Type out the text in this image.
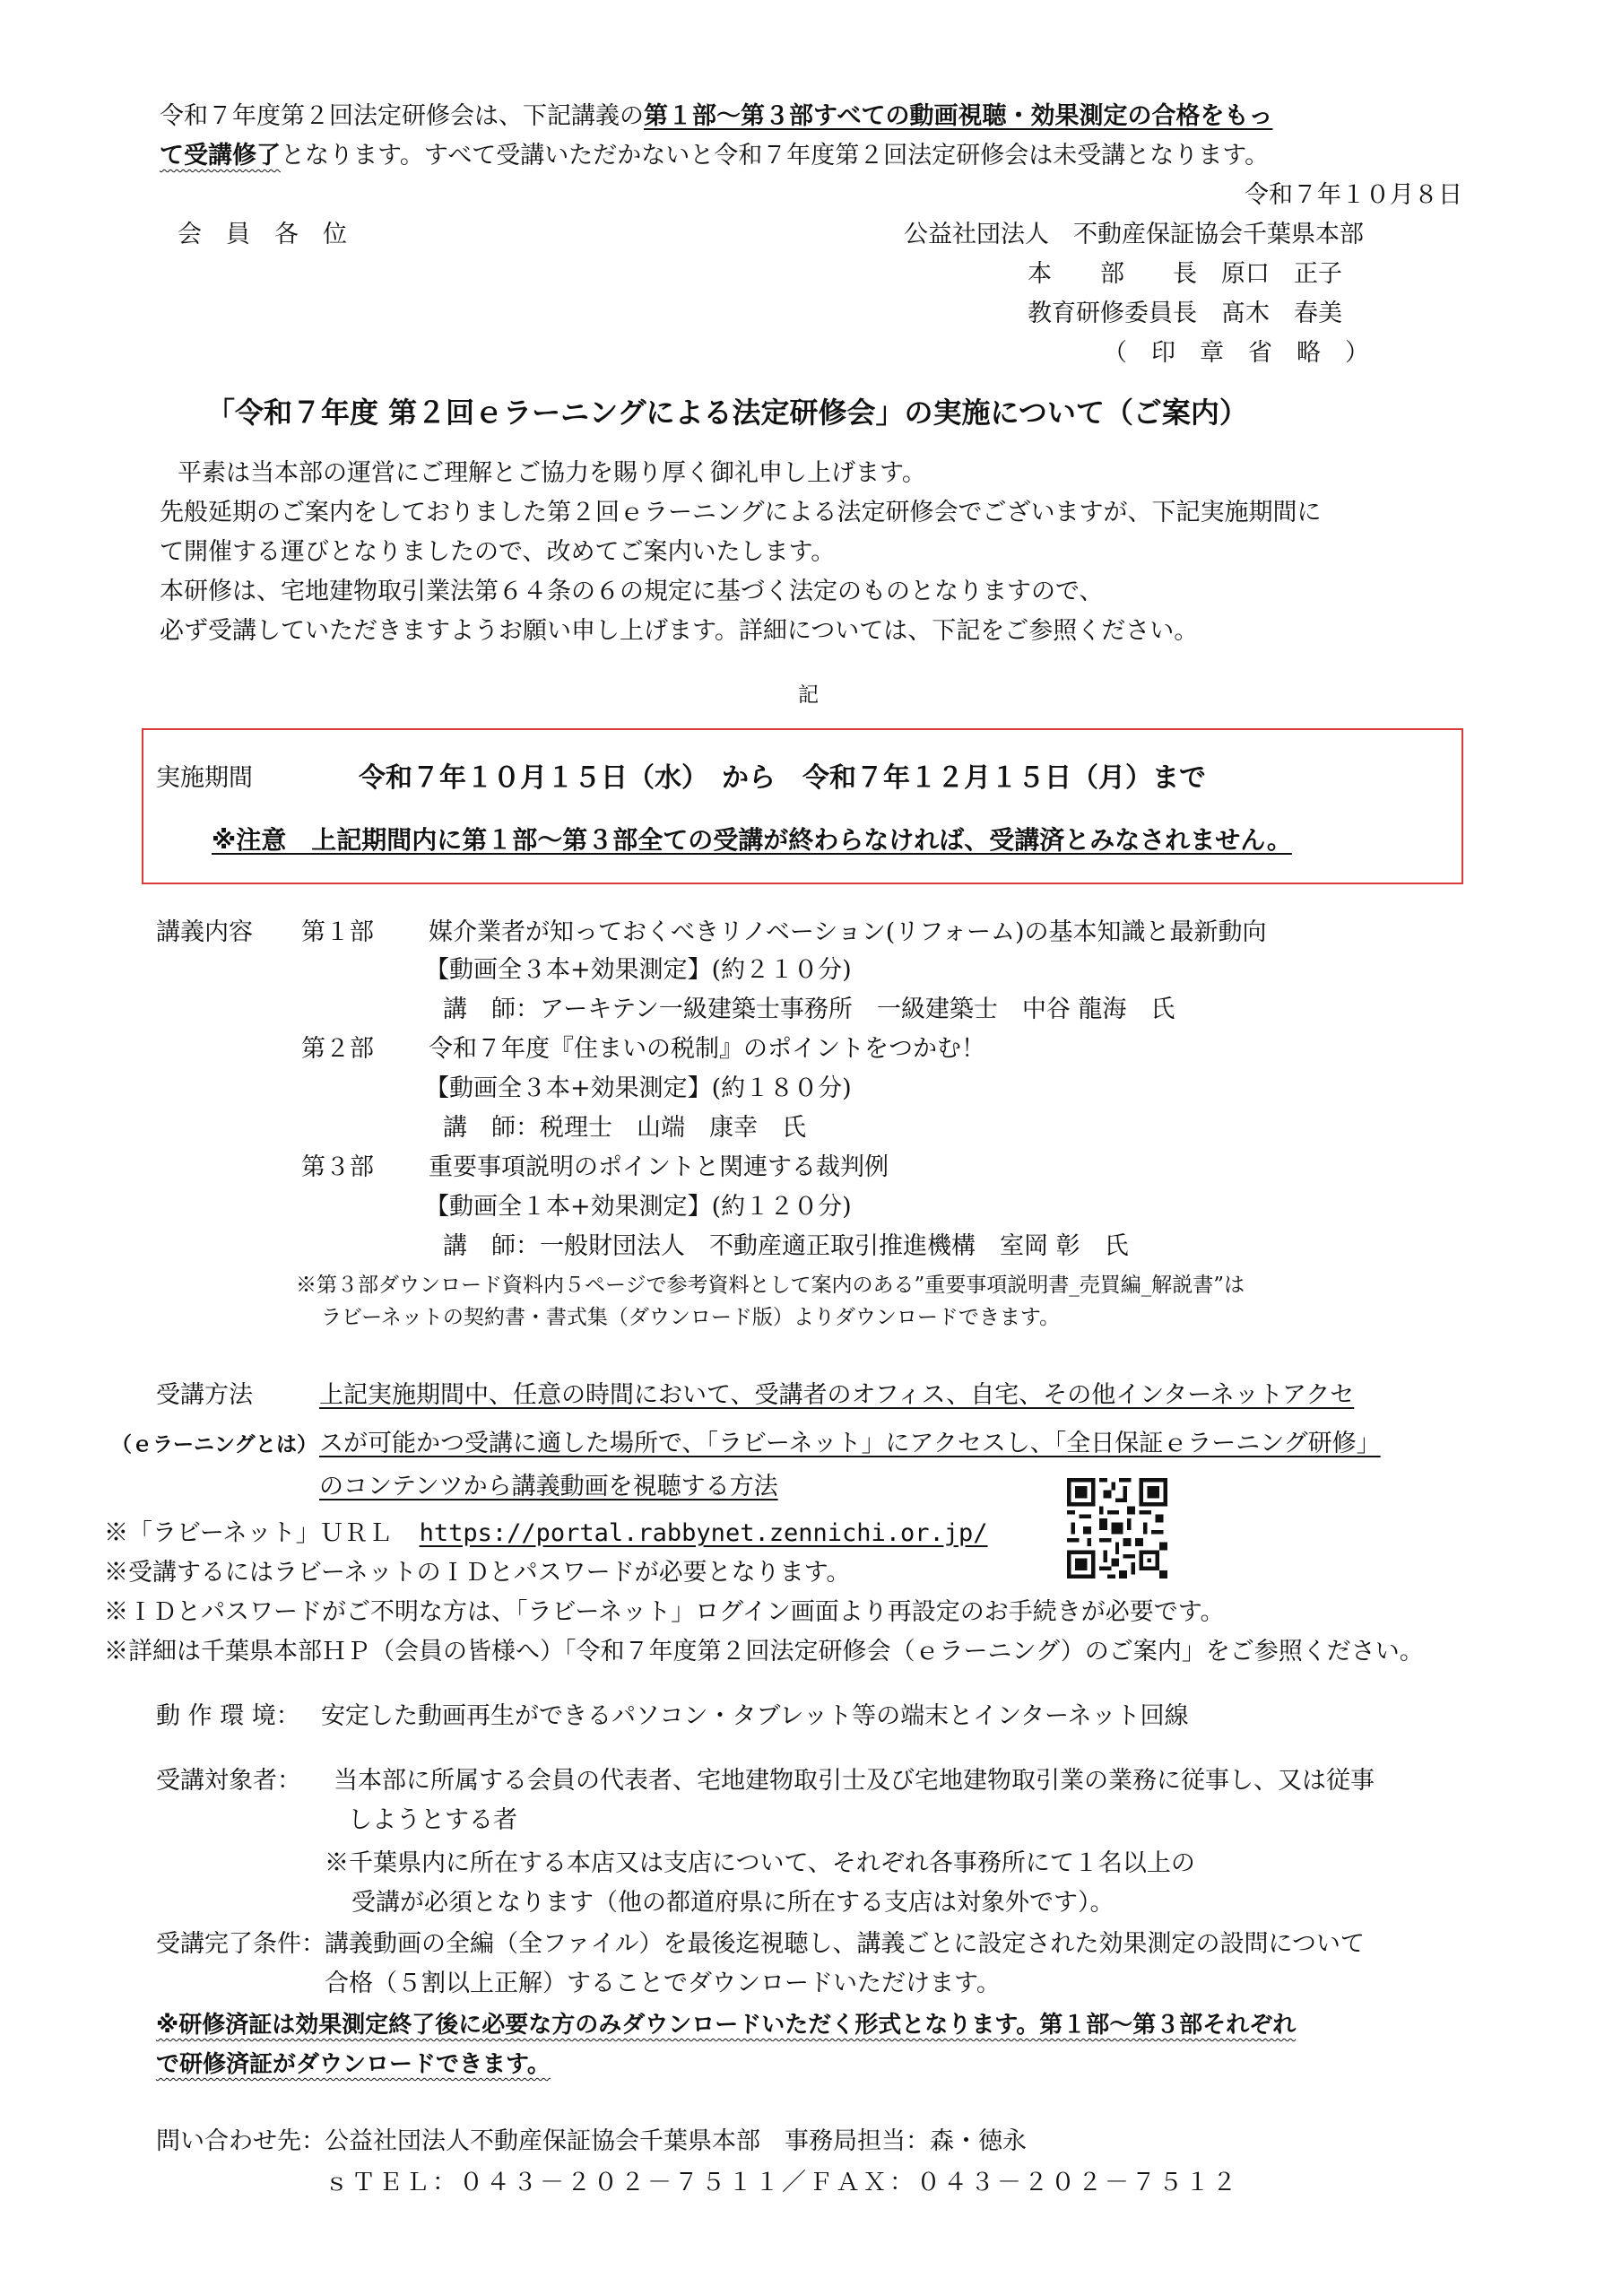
令和７年度第２回法定研修会は、下記講義の第１部～第３部すべての動画視聴・効果測定の合格をもっ
て受講修了となります。すべて受講いただかないと令和７年度第２回法定研修会は未受講となります。
令和７年１０月８日
会　員　各　位	公益社団法人　不動産保証協会千葉県本部
本　　部　　長　原口　正子
教育研修委員長　髙木　春美
（　印　章　省　略　）
「令和７年度 第２回ｅラーニングによる法定研修会」の実施について（ご案内）
平素は当本部の運営にご理解とご協力を賜り厚く御礼申し上げます。
先般延期のご案内をしておりました第２回ｅラーニングによる法定研修会でございますが、下記実施期間に
て開催する運びとなりましたので、改めてご案内いたします。
本研修は、宅地建物取引業法第６４条の６の規定に基づく法定のものとなりますので、
必ず受講していただきますようお願い申し上げます。詳細については、下記をご参照ください。
記
実施期間	令和７年１０月１５日（水）　から　令和７年１２月１５日（月）まで
※注意　上記期間内に第１部～第３部全ての受講が終わらなければ、受講済とみなされません。
講義内容 第１部 媒介業者が知っておくべきリノベーション(リフォーム)の基本知識と最新動向
【動画全３本+効果測定】(約２１０分)
講　師：アーキテン一級建築士事務所　一級建築士　中谷 龍海　氏
第２部 令和７年度『住まいの税制』のポイントをつかむ！
【動画全３本+効果測定】(約１８０分)
講　師：税理士　山端　康幸　氏
第３部 重要事項説明のポイントと関連する裁判例
【動画全１本+効果測定】(約１２０分)
講　師：一般財団法人　不動産適正取引推進機構　室岡 彰　氏
※第３部ダウンロード資料内５ページで参考資料として案内のある”重要事項説明書_売買編_解説書”は
ラビーネットの契約書・書式集（ダウンロード版）よりダウンロードできます。
受講方法	上記実施期間中、任意の時間において、受講者のオフィス、自宅、その他インターネットアクセ
（ｅラーニングとは） スが可能かつ受講に適した場所で、「ラビーネット」にアクセスし、「全日保証ｅラーニング研修」
のコンテンツから講義動画を視聴する方法
※「ラビーネット」ＵＲＬ https://portal.rabbynet.zennichi.or.jp/
※受講するにはラビーネットのＩＤとパスワードが必要となります。
※ＩＤとパスワードがご不明な方は、「ラビーネット」ログイン画面より再設定のお手続きが必要です。
※詳細は千葉県本部ＨＰ（会員の皆様へ）「令和７年度第２回法定研修会（ｅラーニング）のご案内」をご参照ください。
動 作 環 境： 安定した動画再生ができるパソコン・タブレット等の端末とインターネット回線
受講対象者： 当本部に所属する会員の代表者、宅地建物取引士及び宅地建物取引業の業務に従事し、又は従事
しようとする者
※千葉県内に所在する本店又は支店について、それぞれ各事務所にて１名以上の
受講が必須となります（他の都道府県に所在する支店は対象外です）。
受講完了条件： 講義動画の全編（全ファイル）を最後迄視聴し、講義ごとに設定された効果測定の設問について
合格（５割以上正解）することでダウンロードいただけます。
※研修済証は効果測定終了後に必要な方のみダウンロードいただく形式となります。第１部～第３部それぞれ
で研修済証がダウンロードできます。
問い合わせ先： 公益社団法人不動産保証協会千葉県本部　事務局担当：森・徳永
ｓＴＥＬ：０４３－２０２－７５１１／ＦＡＸ：０４３－２０２－７５１２
